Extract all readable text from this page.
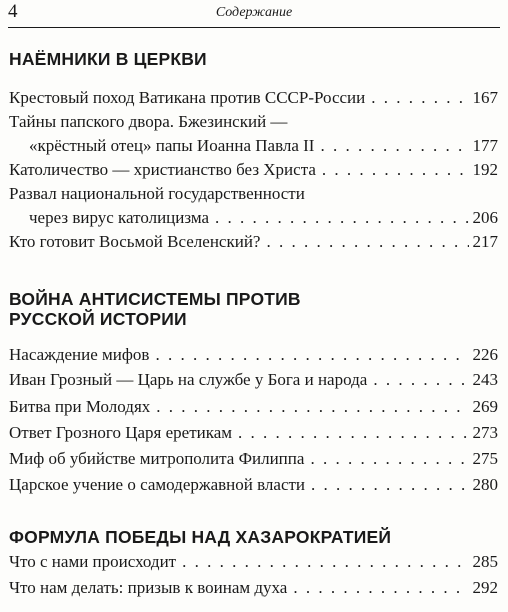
4	Содержание
НАЁМНИКИ В ЦЕРКВИ
Крестовый поход Ватикана против СССР-России . . .	167
Тайны папского двора. Бжезинский —
«крёстный отец» папы Иоанна Павла II . . .	177
Католичество — христианство без Христа . . .	192
Развал национальной государственности
через вирус католицизма . . .	206
Кто готовит Восьмой Вселенский? . . .	217
ВОЙНА АНТИСИСТЕМЫ ПРОТИВ
РУССКОЙ ИСТОРИИ
Насаждение мифов . . .	226
Иван Грозный — Царь на службе у Бога и народа . . .	243
Битва при Молодях . . .	269
Ответ Грозного Царя еретикам . . .	273
Миф об убийстве митрополита Филиппа . . .	275
Царское учение о самодержавной власти . . .	280
ФОРМУЛА ПОБЕДЫ НАД ХАЗАРОКРАТИЕЙ
Что с нами происходит . . .	285
Что нам делать: призыв к воинам духа . . .	292
